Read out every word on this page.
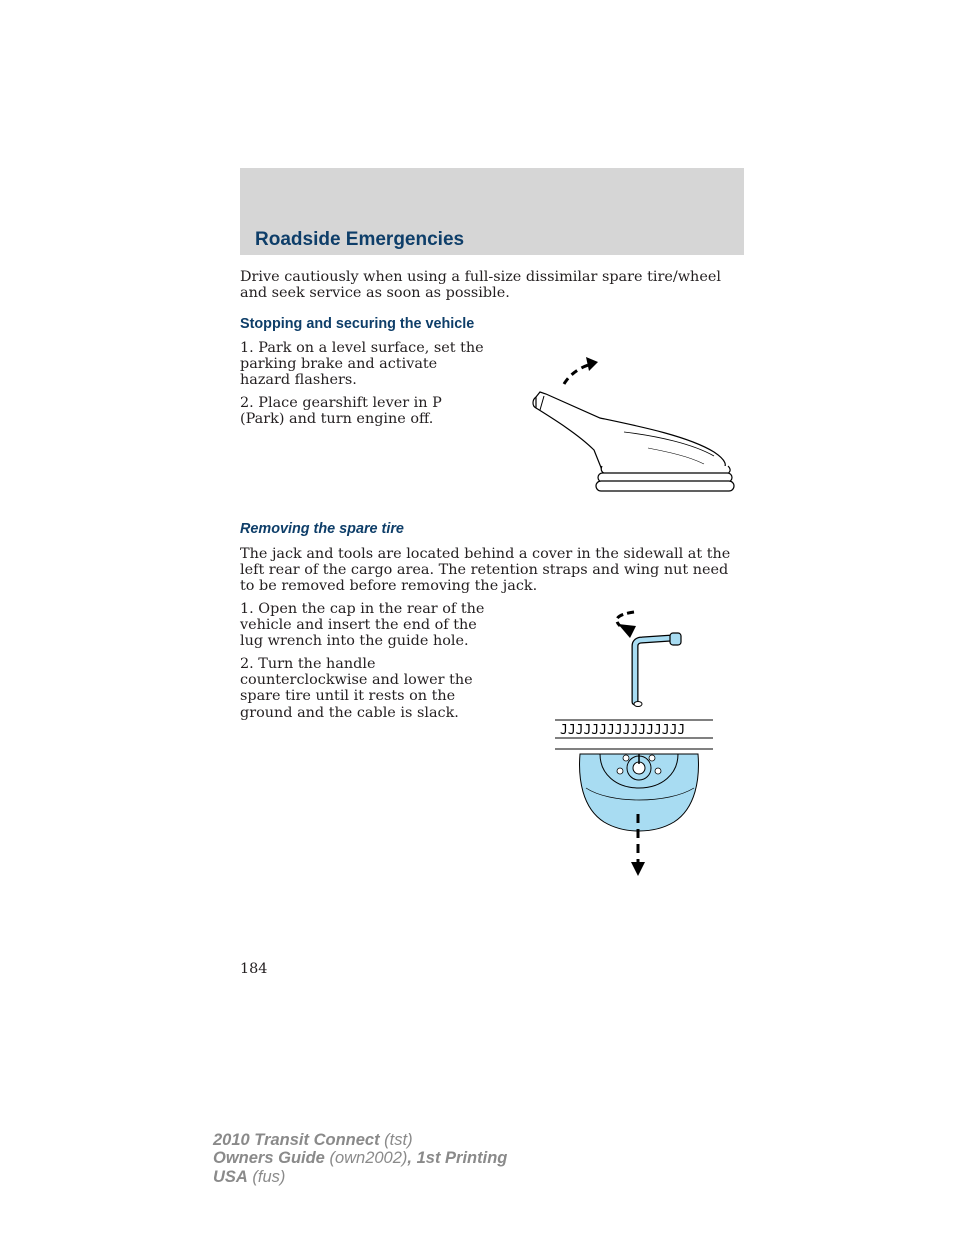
Roadside Emergencies
Drive cautiously when using a full-size dissimilar spare tire/wheel and seek service as soon as possible.
Stopping and securing the vehicle
1. Park on a level surface, set the parking brake and activate hazard flashers.
2. Place gearshift lever in P (Park) and turn engine off.
Removing the spare tire
The jack and tools are located behind a cover in the sidewall at the left rear of the cargo area. The retention straps and wing nut need to be removed before removing the jack.
1. Open the cap in the rear of the vehicle and insert the end of the lug wrench into the guide hole.
2. Turn the handle counterclockwise and lower the spare tire until it rests on the ground and the cable is slack.
JJJJJJJJJJJJJJJJ
184
2010 Transit Connect (tst)
Owners Guide (own2002), 1st Printing
USA (fus)
